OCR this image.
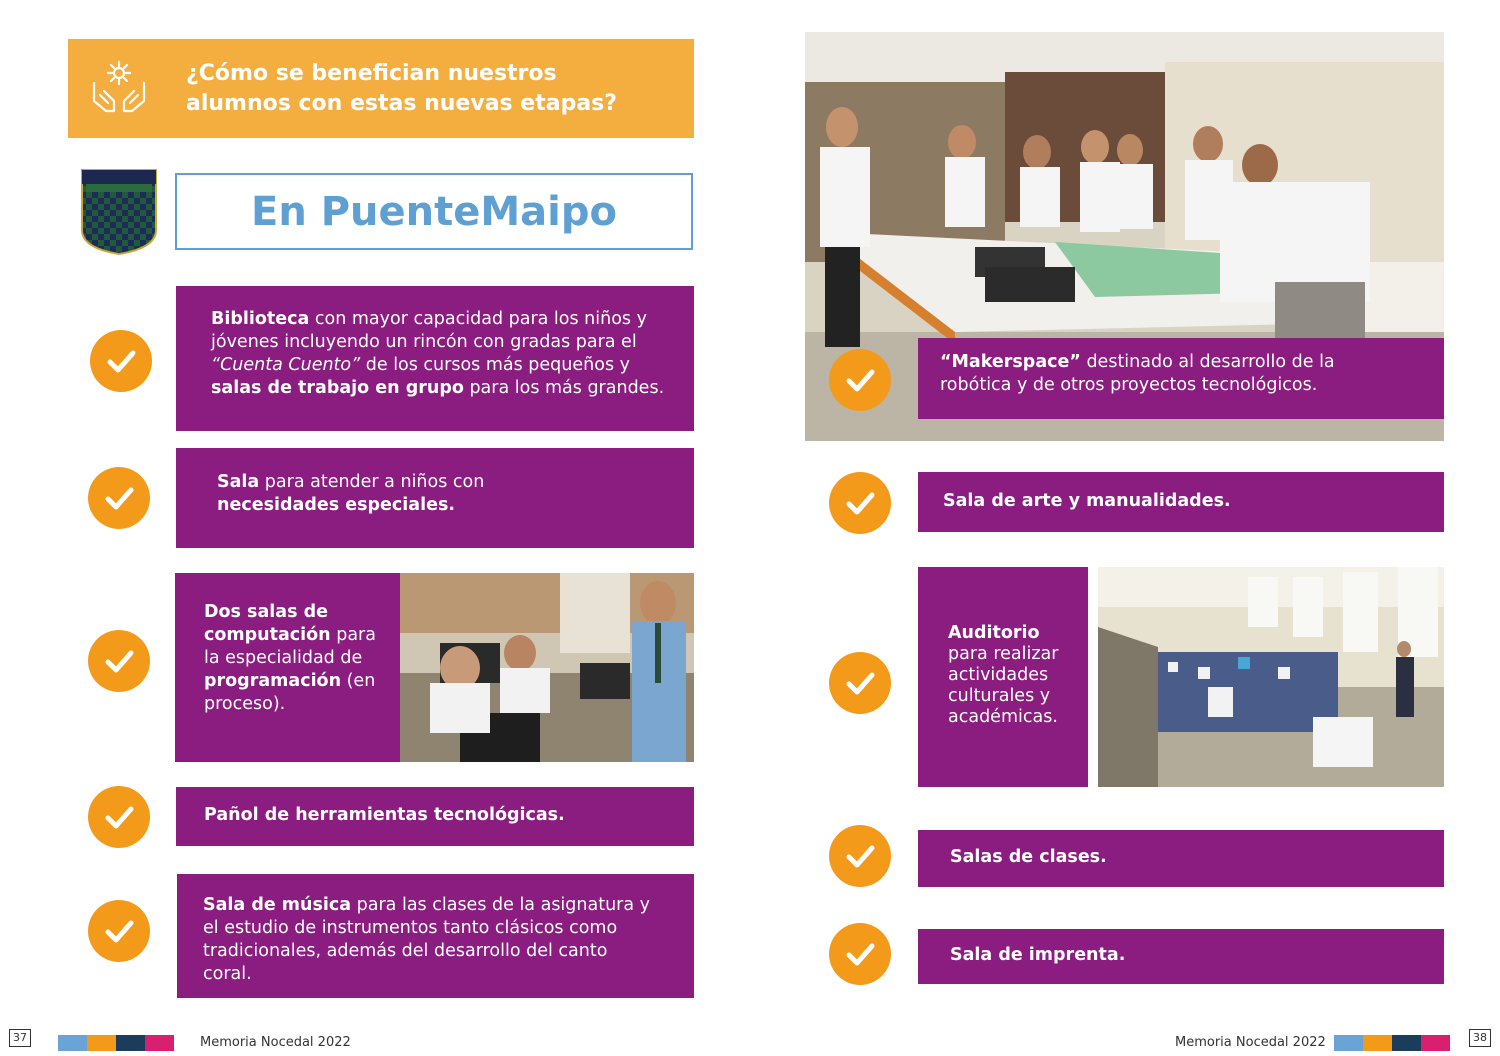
¿Cómo se benefician nuestros
alumnos con estas nuevas etapas?
En PuenteMaipo
Biblioteca con mayor capacidad para los niños y jóvenes incluyendo un rincón con gradas para el “Cuenta Cuento” de los cursos más pequeños y salas de trabajo en grupo para los más grandes.
Sala para atender a niños con necesidades especiales.
Dos salas de computación para la especialidad de programación (en proceso).
Pañol de herramientas tecnológicas.
Sala de música para las clases de la asignatura y el estudio de instrumentos tanto clásicos como tradicionales, además del desarrollo del canto coral.
“Makerspace” destinado al desarrollo de la robótica y de otros proyectos tecnológicos.
Sala de arte y manualidades.
Auditorio para realizar actividades culturales y académicas.
Salas de clases.
Sala de imprenta.
37	Memoria Nocedal 2022	Memoria Nocedal 2022	38
